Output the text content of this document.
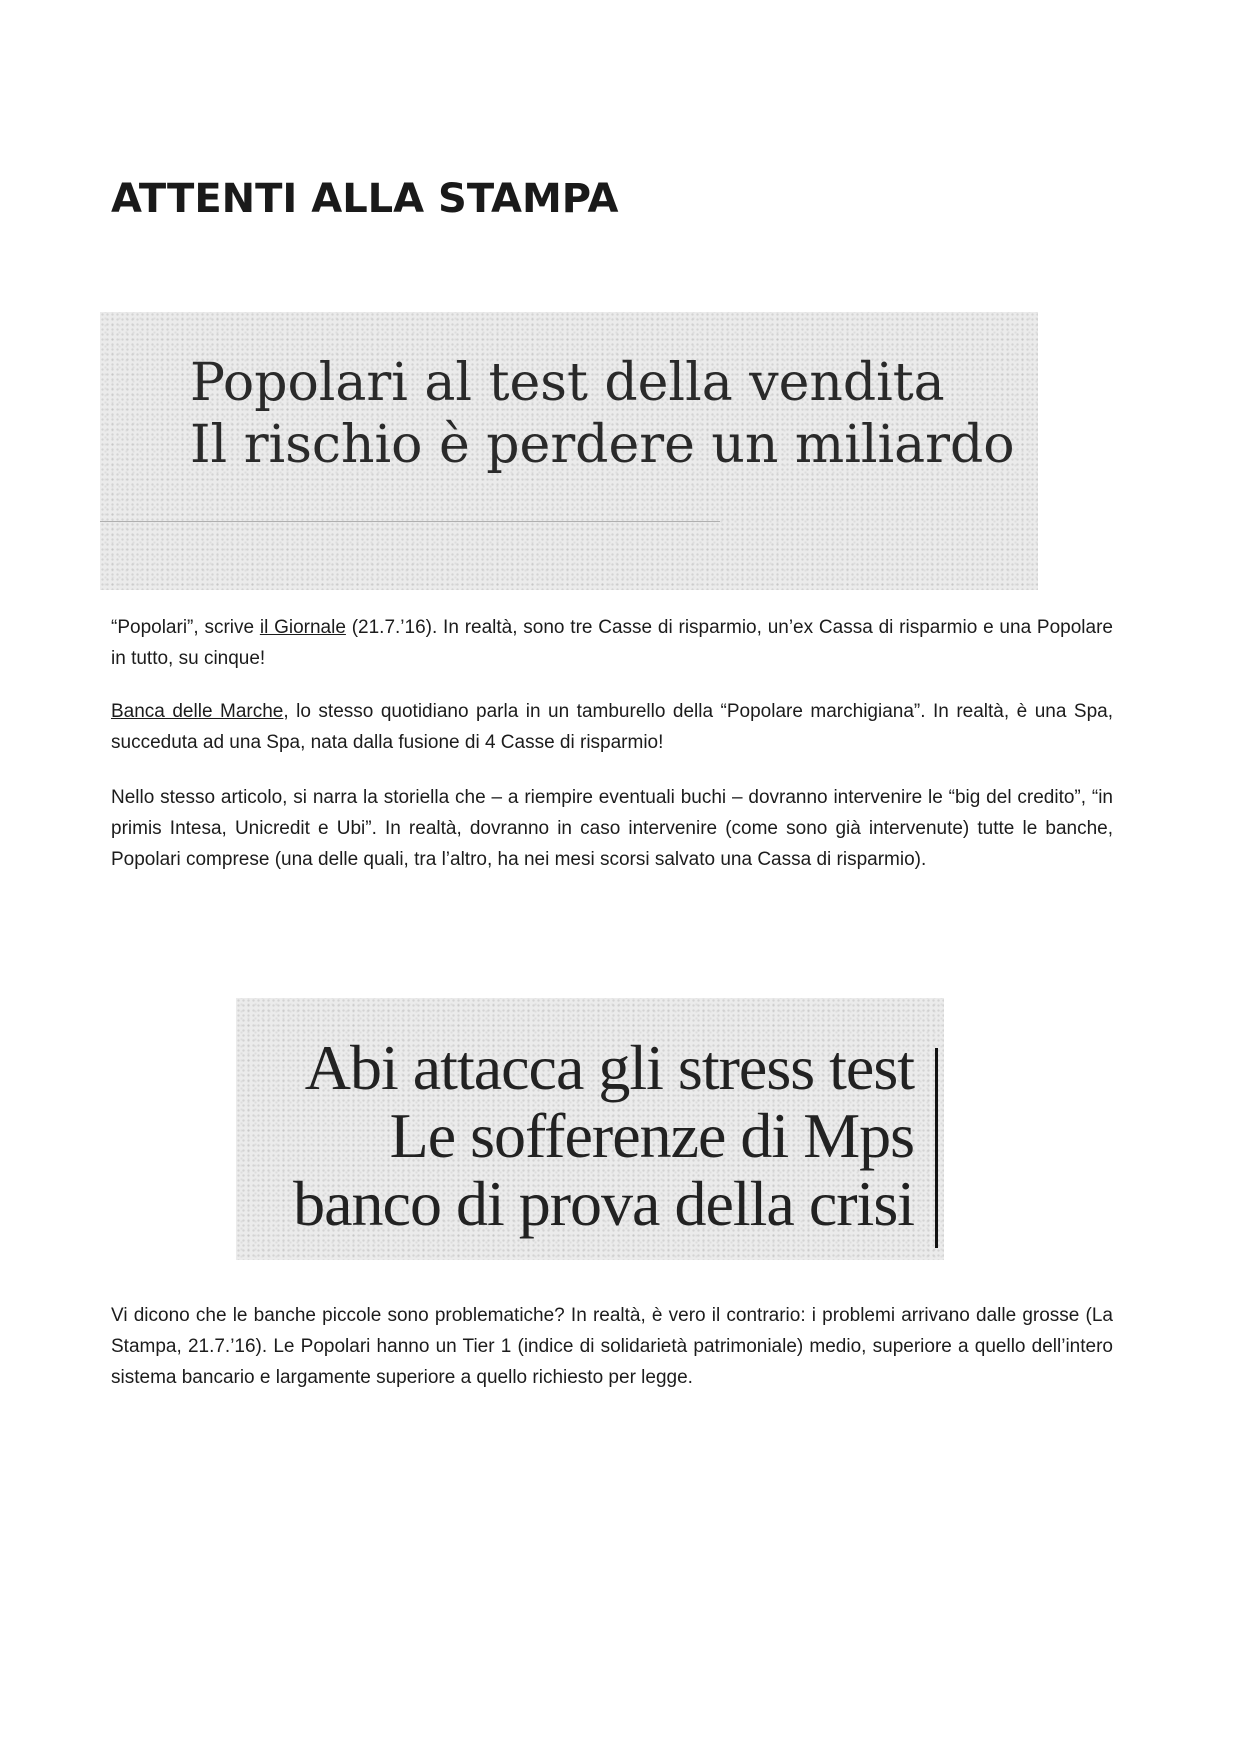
ATTENTI ALLA STAMPA
Popolari al test della vendita
Il rischio è perdere un miliardo

“Popolari”, scrive il Giornale (21.7.’16). In realtà, sono tre Casse di risparmio, un’ex Cassa di risparmio e una Popolare in tutto, su cinque!

Banca delle Marche, lo stesso quotidiano parla in un tamburello della “Popolare marchigiana”. In realtà, è una Spa, succeduta ad una Spa, nata dalla fusione di 4 Casse di risparmio!

Nello stesso articolo, si narra la storiella che – a riempire eventuali buchi – dovranno intervenire le “big del credito”, “in primis Intesa, Unicredit e Ubi”. In realtà, dovranno in caso intervenire (come sono già intervenute) tutte le banche, Popolari comprese (una delle quali, tra l’altro, ha nei mesi scorsi salvato una Cassa di risparmio).

Abi attacca gli stress test
Le sofferenze di Mps
banco di prova della crisi

Vi dicono che le banche piccole sono problematiche? In realtà, è vero il contrario: i problemi arrivano dalle grosse (La Stampa, 21.7.’16). Le Popolari hanno un Tier 1 (indice di solidarietà patrimoniale) medio, superiore a quello dell’intero sistema bancario e largamente superiore a quello richiesto per legge.
